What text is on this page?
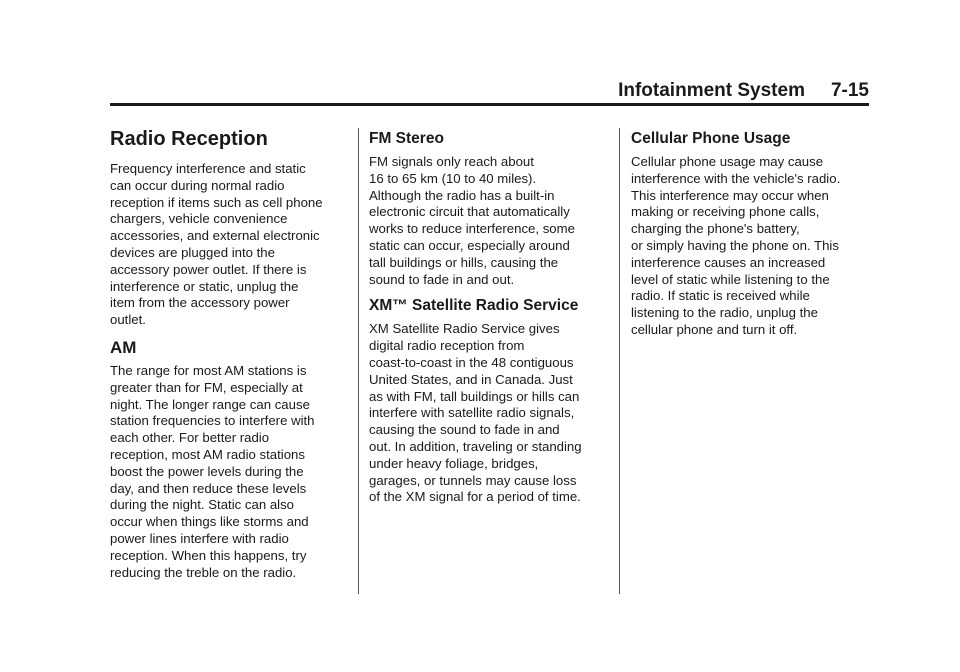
Infotainment System 7-15
Radio Reception

Frequency interference and static
can occur during normal radio
reception if items such as cell phone
chargers, vehicle convenience
accessories, and external electronic
devices are plugged into the
accessory power outlet. If there is
interference or static, unplug the
item from the accessory power
outlet.

AM

The range for most AM stations is
greater than for FM, especially at
night. The longer range can cause
station frequencies to interfere with
each other. For better radio
reception, most AM radio stations
boost the power levels during the
day, and then reduce these levels
during the night. Static can also
occur when things like storms and
power lines interfere with radio
reception. When this happens, try
reducing the treble on the radio.

FM Stereo

FM signals only reach about
16 to 65 km (10 to 40 miles).
Although the radio has a built-in
electronic circuit that automatically
works to reduce interference, some
static can occur, especially around
tall buildings or hills, causing the
sound to fade in and out.

XM™ Satellite Radio Service

XM Satellite Radio Service gives
digital radio reception from
coast-to-coast in the 48 contiguous
United States, and in Canada. Just
as with FM, tall buildings or hills can
interfere with satellite radio signals,
causing the sound to fade in and
out. In addition, traveling or standing
under heavy foliage, bridges,
garages, or tunnels may cause loss
of the XM signal for a period of time.

Cellular Phone Usage

Cellular phone usage may cause
interference with the vehicle's radio.
This interference may occur when
making or receiving phone calls,
charging the phone's battery,
or simply having the phone on. This
interference causes an increased
level of static while listening to the
radio. If static is received while
listening to the radio, unplug the
cellular phone and turn it off.
